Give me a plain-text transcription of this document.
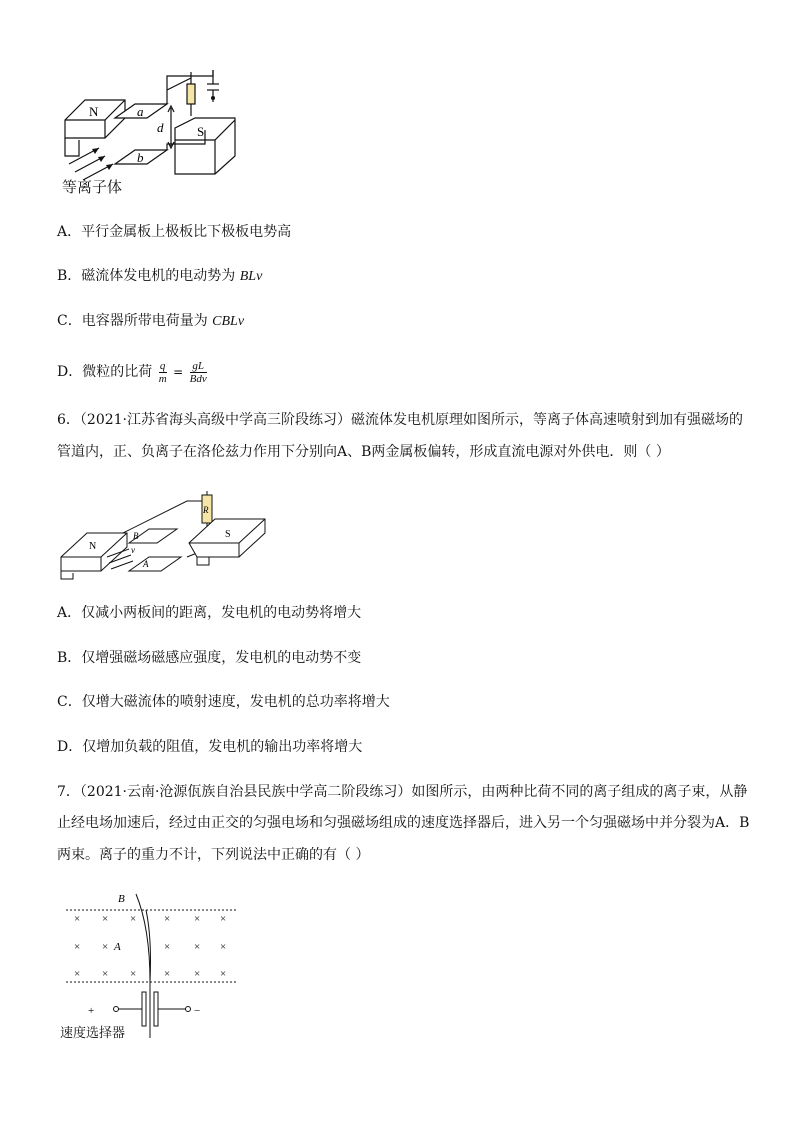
N
S
a
b
d
等离子体
A．平行金属板上极板比下极板电势高
B．磁流体发电机的电动势为 BLv
C．电容器所带电荷量为 CBLv
D．微粒的比荷 $\frac{q}{m} = \frac{gL}{\text{Bdv}}$
6．（2021·江苏省海头高级中学高三阶段练习）磁流体发电机原理如图所示，等离子体高速喷射到加有强磁场的
管道内，正、负离子在洛伦兹力作用下分别向A、B两金属板偏转，形成直流电源对外供电．则（ ）
N
S
B
A
R
v
A．仅减小两板间的距离，发电机的电动势将增大
B．仅增强磁场磁感应强度，发电机的电动势不变
C．仅增大磁流体的喷射速度，发电机的总功率将增大
D．仅增加负载的阻值，发电机的输出功率将增大
7．（2021·云南·沧源佤族自治县民族中学高二阶段练习）如图所示，由两种比荷不同的离子组成的离子束，从静
止经电场加速后，经过由正交的匀强电场和匀强磁场组成的速度选择器后，进入另一个匀强磁场中并分裂为A．B
两束。离子的重力不计，下列说法中正确的有（ ）
× × ×	× × ×
× ×	× × ×
× × ×	× × ×
B
A
+	−
速度选择器
